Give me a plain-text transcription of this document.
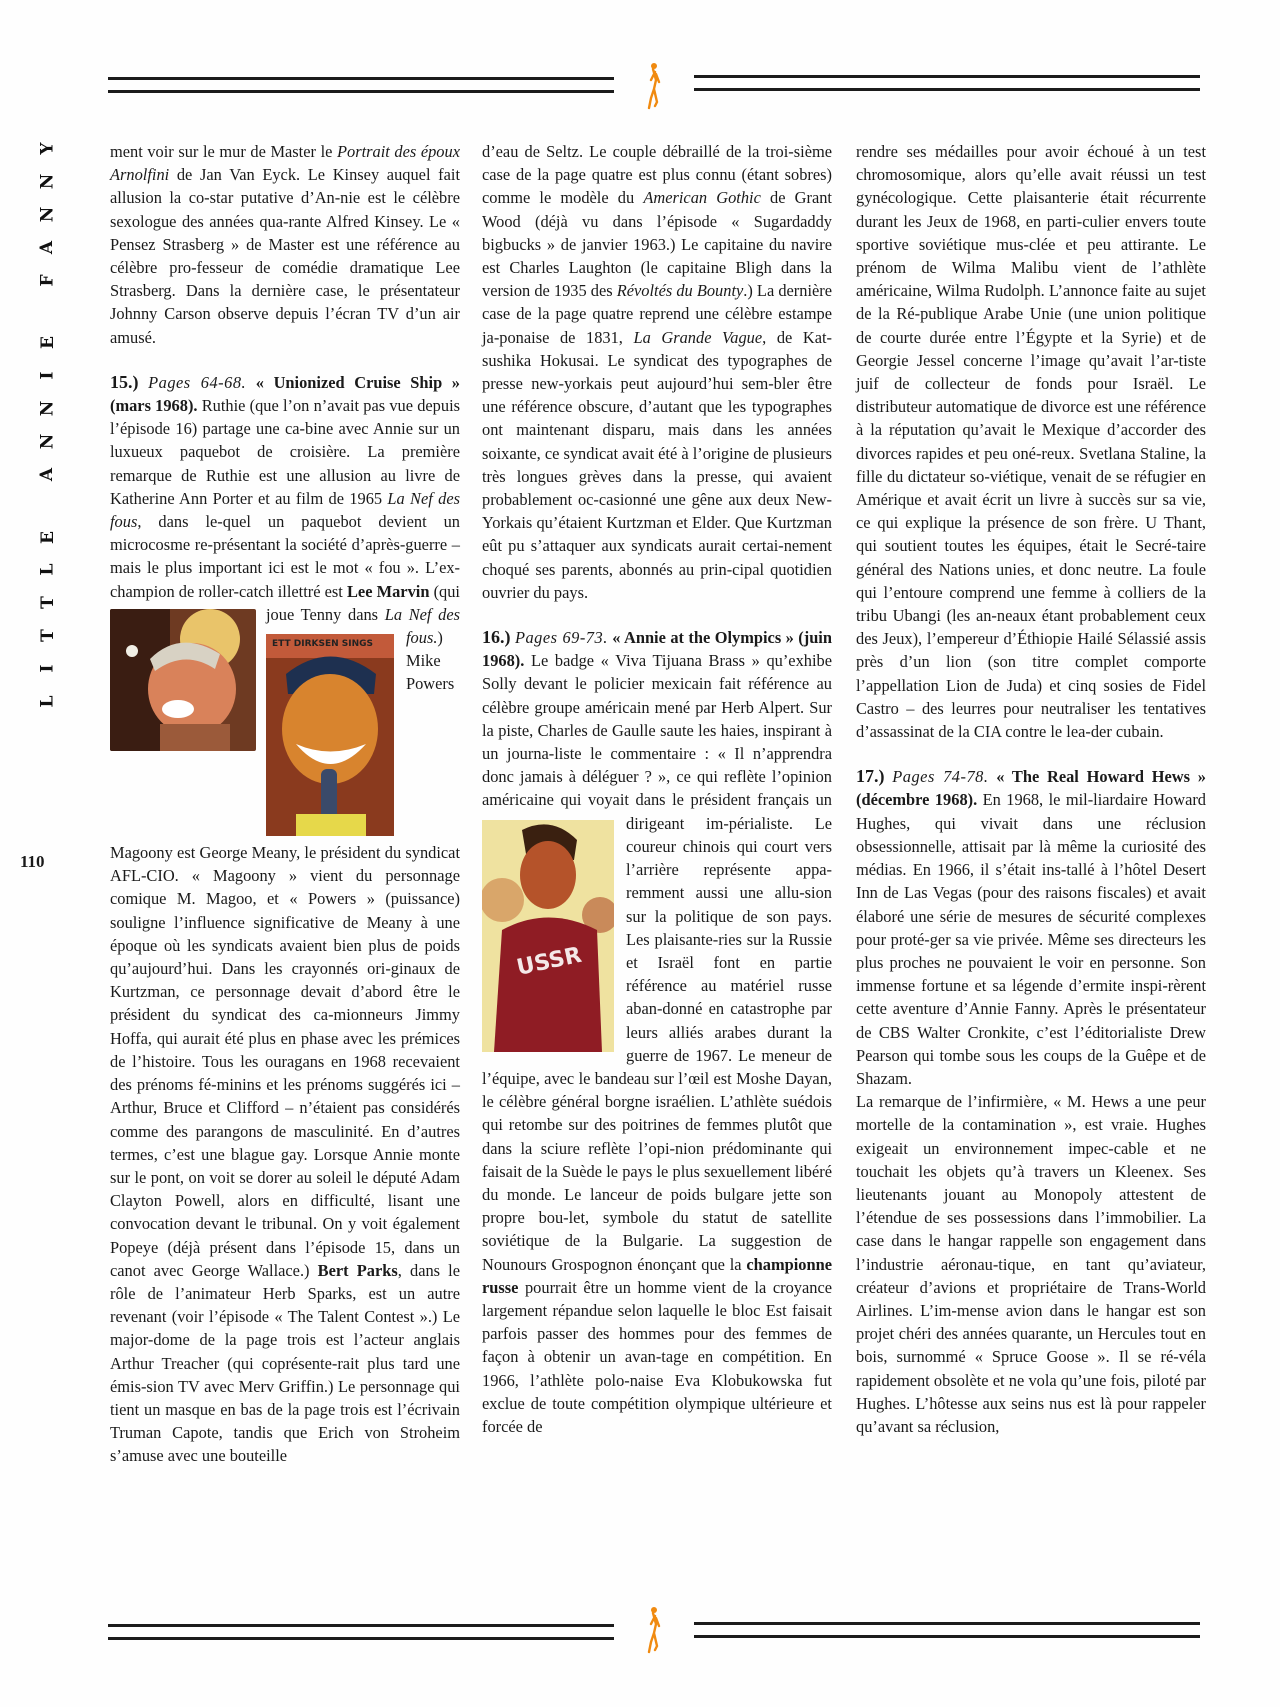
L
I
T
T
L
E
A
N
N
I
E
F
A
N
N
Y
110

ment voir sur le mur de Master le Portrait des époux Arnolfini de Jan Van Eyck. Le Kinsey auquel fait allusion la co-star putative d’An-nie est le célèbre sexologue des années qua-rante Alfred Kinsey. Le « Pensez Strasberg » de Master est une référence au célèbre pro-fesseur de comédie dramatique Lee Strasberg. Dans la dernière case, le présentateur Johnny Carson observe depuis l’écran TV d’un air amusé.

15.) Pages 64-68. « Unionized Cruise Ship » (mars 1968). Ruthie (que l’on n’avait pas vue depuis l’épisode 16) partage une ca-bine avec Annie sur un luxueux paquebot de croisière. La première remarque de Ruthie est une allusion au livre de Katherine Ann Porter et au film de 1965 La Nef des fous, dans le-quel un paquebot devient un microcosme re-présentant la société d’après-guerre – mais le plus important ici est le mot « fou ». L’ex-champion de roller-catch illettré est
Lee Marvin (qui joue Tenny dans La Nef des fous.
) Mike Powers Magoony est George Meany, le président du syndicat AFL-CIO. « Magoony » vient du personnage comique M. Magoo, et « Powers » (puissance) souligne l’influence significative de Meany à une époque où les syndicats avaient bien plus de poids qu’aujourd’hui. Dans les crayonnés ori-ginaux de Kurtzman, ce personnage devait d’abord être le président du syndicat des ca-mionneurs Jimmy Hoffa, qui aurait été plus en phase avec les prémices de l’histoire. Tous les ouragans en 1968 recevaient des prénoms fé-minins et les prénoms suggérés ici – Arthur, Bruce et Clifford – n’étaient pas considérés comme des parangons de masculinité. En d’autres termes, c’est une blague gay. Lorsque Annie monte sur le pont, on voit se dorer au soleil le député Adam Clayton Powell, alors en difficulté, lisant une convocation devant le tribunal. On y voit également Popeye (déjà présent dans l’épisode 15, dans un canot avec George Wallace.) Bert Parks, dans le rôle de l’animateur Herb Sparks, est un autre revenant (voir l’épisode « The Talent Contest ».) Le major-dome de la page trois est l’acteur anglais Arthur Treacher (qui coprésente-rait plus tard une émis-sion TV avec Merv Griffin.) Le personnage qui tient un masque en bas de la page trois est l’écrivain Truman Capote, tandis que Erich von Stroheim s’amuse avec une bouteille

ETT DIRKSEN SINGS

d’eau de Seltz. Le couple débraillé de la troi-sième case de la page quatre est plus connu (étant sobres) comme le modèle du American Gothic de Grant Wood (déjà vu dans l’épisode « Sugardaddy bigbucks » de janvier 1963.) Le capitaine du navire est Charles Laughton (le capitaine Bligh dans la version de 1935 des Révoltés du Bounty.) La dernière case de la page quatre reprend une célèbre estampe ja-ponaise de 1831, La Grande Vague, de Kat-sushika Hokusai. Le syndicat des typographes de presse new-yorkais peut aujourd’hui sem-bler être une référence obscure, d’autant que les typographes ont maintenant disparu, mais dans les années soixante, ce syndicat avait été à l’origine de plusieurs très longues grèves dans la presse, qui avaient probablement oc-casionné une gêne aux deux New-Yorkais qu’étaient Kurtzman et Elder. Que Kurtzman eût pu s’attaquer aux syndicats aurait certai-nement choqué ses parents, abonnés au prin-cipal quotidien ouvrier du pays.

16.) Pages 69-73. « Annie at the Olympics » (juin 1968). Le badge « Viva Tijuana Brass » qu’exhibe Solly devant le policier mexicain fait référence au célèbre groupe américain mené par Herb Alpert. Sur la piste, Charles de Gaulle saute les haies, inspirant à un journa-liste le commentaire : « Il n’apprendra donc jamais à déléguer ? », ce qui reflète l’opinion américaine qui voyait dans le président
français un dirigeant im-périaliste. Le coureur chinois qui court vers l’arrière représente appa-remment aussi une allu-sion sur la politique de son pays. Les plaisante-ries sur la Russie et Israël font en partie référence au matériel russe aban-donné en catastrophe par leurs alliés arabes durant la guerre de 1967. Le meneur de l’équipe, avec le bandeau sur l’œil est Moshe Dayan, le célèbre général borgne israélien. L’athlète suédois qui retombe sur des poitrines de femmes plutôt que dans la sciure reflète l’opi-nion prédominante qui faisait de la Suède le pays le plus sexuellement libéré du monde. Le lanceur de poids bulgare jette son propre bou-let, symbole du statut de satellite soviétique de la Bulgarie. La suggestion de Nounours Grospognon énonçant que la championne russe pourrait être un homme vient de la croyance largement répandue selon laquelle le bloc Est faisait parfois passer des hommes pour des femmes de façon à obtenir un avan-tage en compétition. En 1966, l’athlète polo-naise Eva Klobukowska fut exclue de toute compétition olympique ultérieure et forcée de

USSR

rendre ses médailles pour avoir échoué à un test chromosomique, alors qu’elle avait réussi un test gynécologique. Cette plaisanterie était récurrente durant les Jeux de 1968, en parti-culier envers toute sportive soviétique mus-clée et peu attirante. Le prénom de Wilma Malibu vient de l’athlète américaine, Wilma Rudolph. L’annonce faite au sujet de la Ré-publique Arabe Unie (une union politique de courte durée entre l’Égypte et la Syrie) et de Georgie Jessel concerne l’image qu’avait l’ar-tiste juif de collecteur de fonds pour Israël. Le distributeur automatique de divorce est une référence à la réputation qu’avait le Mexique d’accorder des divorces rapides et peu oné-reux. Svetlana Staline, la fille du dictateur so-viétique, venait de se réfugier en Amérique et avait écrit un livre à succès sur sa vie, ce qui explique la présence de son frère. U Thant, qui soutient toutes les équipes, était le Secré-taire général des Nations unies, et donc neutre. La foule qui l’entoure comprend une femme à colliers de la tribu Ubangi (les an-neaux étant probablement ceux des Jeux), l’empereur d’Éthiopie Hailé Sélassié assis près d’un lion (son titre complet comporte l’appellation Lion de Juda) et cinq sosies de Fidel Castro – des leurres pour neutraliser les tentatives d’assassinat de la CIA contre le lea-der cubain.

17.) Pages 74-78. « The Real Howard Hews » (décembre 1968). En 1968, le mil-liardaire Howard Hughes, qui vivait dans une réclusion obsessionnelle, attisait par là même la curiosité des médias. En 1966, il s’était ins-tallé à l’hôtel Desert Inn de Las Vegas (pour des raisons fiscales) et avait élaboré une série de mesures de sécurité complexes pour proté-ger sa vie privée. Même ses directeurs les plus proches ne pouvaient le voir en personne. Son immense fortune et sa légende d’ermite inspi-rèrent cette aventure d’Annie Fanny. Après le présentateur de CBS Walter Cronkite, c’est l’éditorialiste Drew Pearson qui tombe sous les coups de la Guêpe et de Shazam.

La remarque de l’infirmière, « M. Hews a une peur mortelle de la contamination », est vraie. Hughes exigeait un environnement impec-cable et ne touchait les objets qu’à travers un Kleenex. Ses lieutenants jouant au Monopoly attestent de l’étendue de ses possessions dans l’immobilier. La case dans le hangar rappelle son engagement dans l’industrie aéronau-tique, en tant qu’aviateur, créateur d’avions et propriétaire de Trans-World Airlines. L’im-mense avion dans le hangar est son projet chéri des années quarante, un Hercules tout en bois, surnommé « Spruce Goose ». Il se ré-véla rapidement obsolète et ne vola qu’une fois, piloté par Hughes. L’hôtesse aux seins nus est là pour rappeler qu’avant sa réclusion,
